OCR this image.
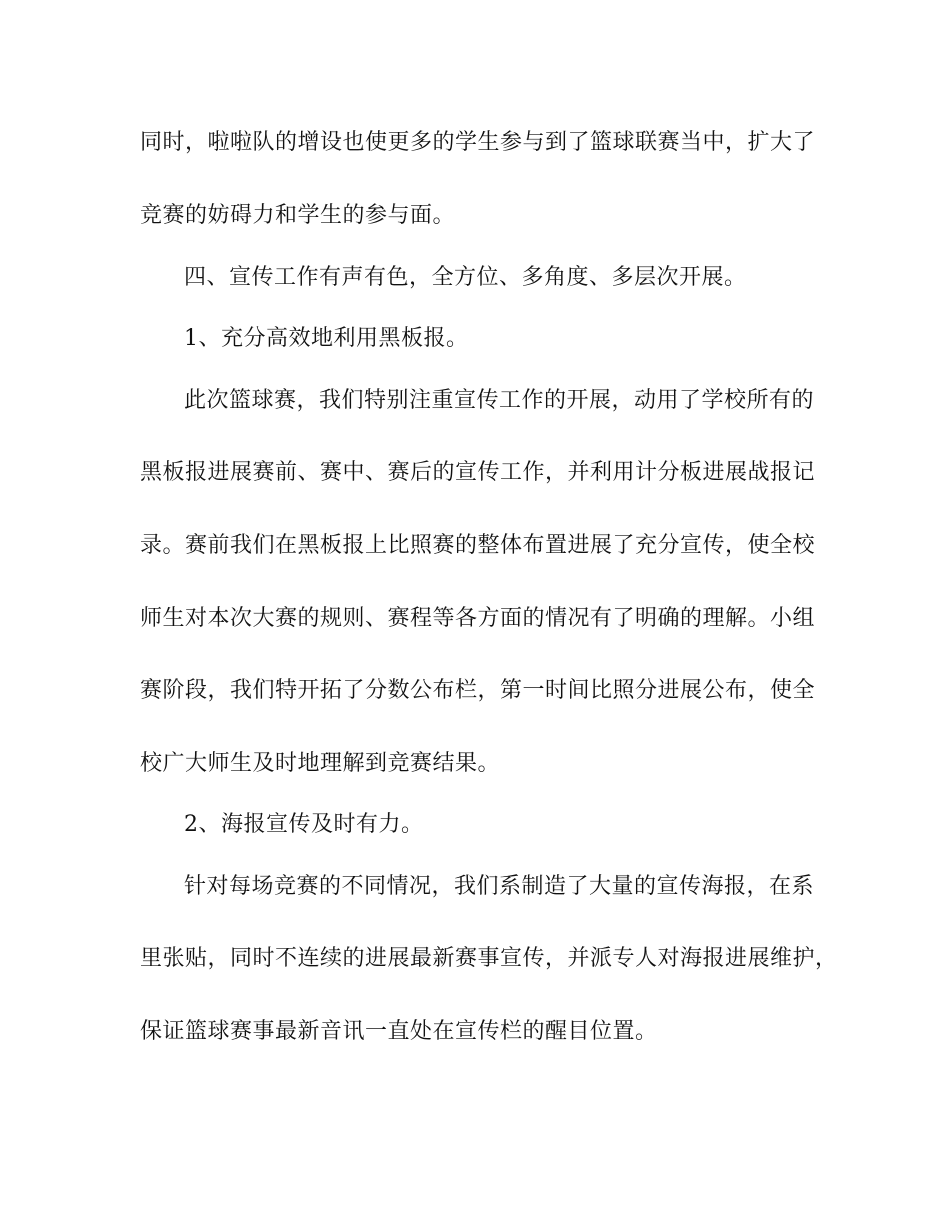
同时，啦啦队的增设也使更多的学生参与到了篮球联赛当中，扩大了
竞赛的妨碍力和学生的参与面。
四、宣传工作有声有色，全方位、多角度、多层次开展。
1、充分高效地利用黑板报。
此次篮球赛，我们特别注重宣传工作的开展，动用了学校所有的
黑板报进展赛前、赛中、赛后的宣传工作，并利用计分板进展战报记
录。赛前我们在黑板报上比照赛的整体布置进展了充分宣传，使全校
师生对本次大赛的规则、赛程等各方面的情况有了明确的理解。小组
赛阶段，我们特开拓了分数公布栏，第一时间比照分进展公布，使全
校广大师生及时地理解到竞赛结果。
2、海报宣传及时有力。
针对每场竞赛的不同情况，我们系制造了大量的宣传海报，在系
里张贴，同时不连续的进展最新赛事宣传，并派专人对海报进展维护，
保证篮球赛事最新音讯一直处在宣传栏的醒目位置。
